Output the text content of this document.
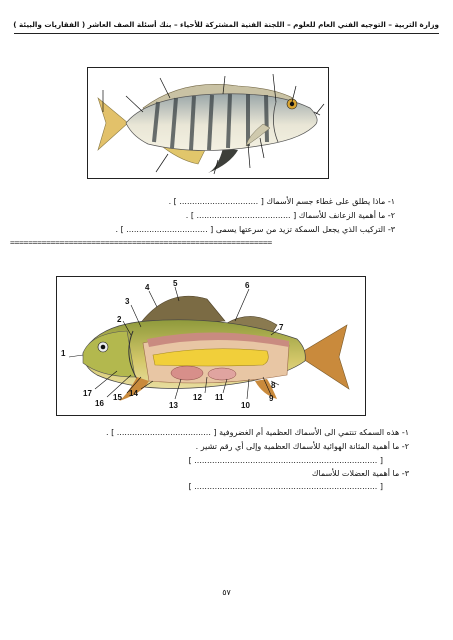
وزارة التربية – التوجيه الفني العام للعلوم – اللجنة الفنية المشتركة للأحياء – بنك أسئلة الصف العاشر ( الفقاريات والبيئة )
١- ماذا يطلق على غطاء جسم الأسماك [ ............................... ] .
٢- ما أهمية الزعانف للأسماك [ ..................................... ] .
٣- التركيب الذي يجعل السمكة تزيد من سرعتها يسمى [ ................................ ] .
==========================================================
1
2
3
4	5	6
7
8
9
10
11
12
13
14
15
16
17
١- هذه السمكه تنتمي الى الأسماك العظمية أم الغضروفية [ ..................................... ] .
٢- ما أهمية المثانة الهوائية للأسماك العظمية وإلى أي رقم تشير .
[ ........................................................................ ]
٣- ما أهمية العضلات للأسماك
[ ........................................................................ ]
٥٧
